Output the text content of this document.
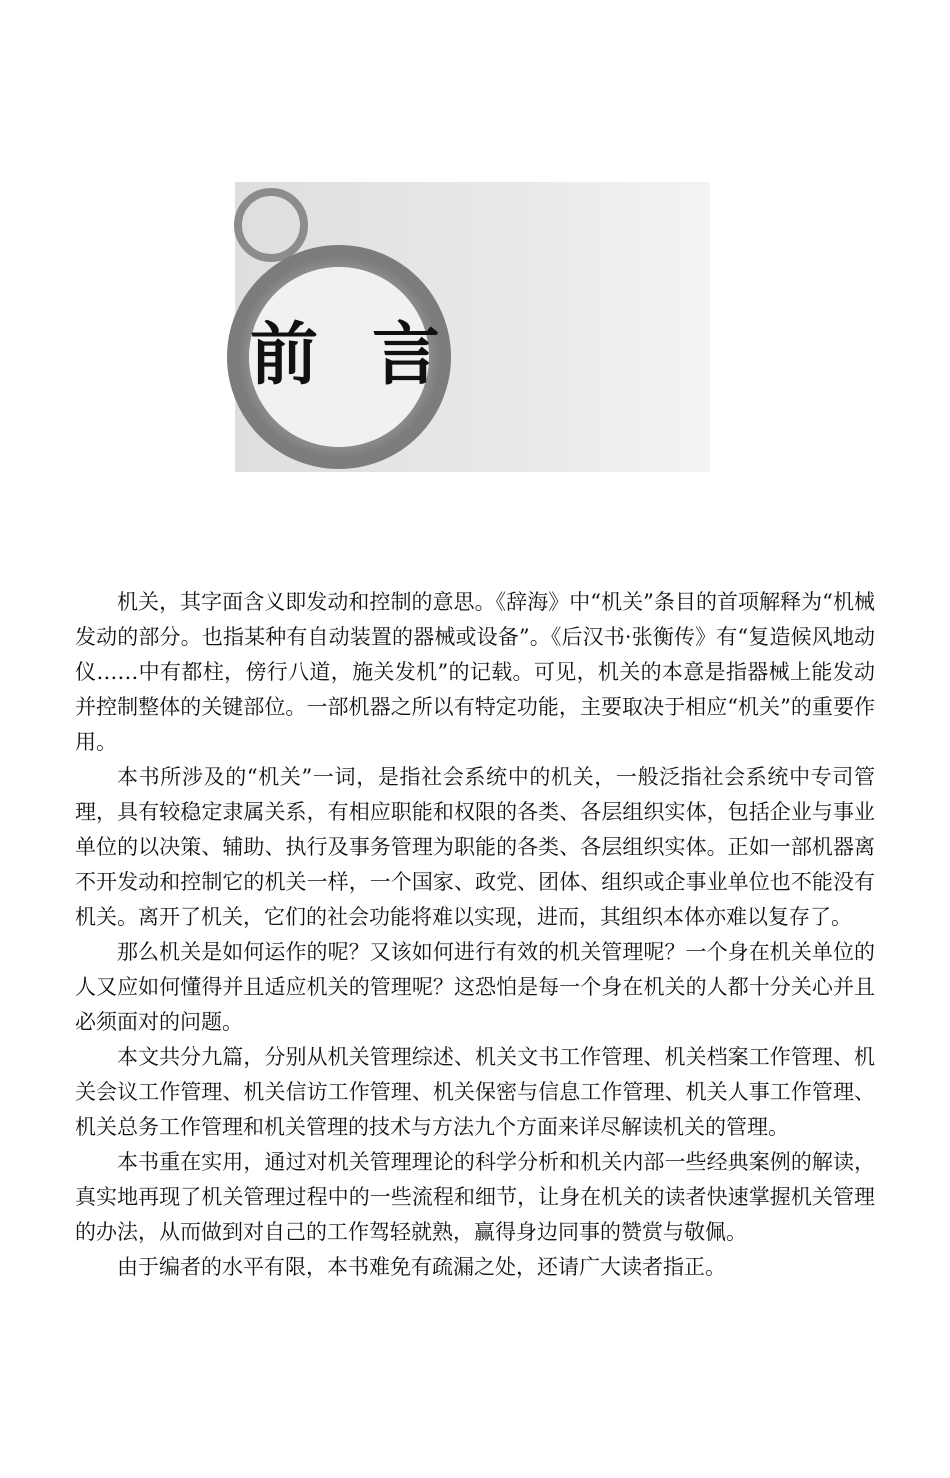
前 言

机关，其字面含义即发动和控制的意思。《辞海》中“机关”条目的首项解释为“机械发动的部分。也指某种有自动装置的器械或设备”。《后汉书·张衡传》有“复造候风地动仪……中有都柱，傍行八道，施关发机”的记载。可见，机关的本意是指器械上能发动并控制整体的关键部位。一部机器之所以有特定功能，主要取决于相应“机关”的重要作用。

本书所涉及的“机关”一词，是指社会系统中的机关，一般泛指社会系统中专司管理，具有较稳定隶属关系，有相应职能和权限的各类、各层组织实体，包括企业与事业单位的以决策、辅助、执行及事务管理为职能的各类、各层组织实体。正如一部机器离不开发动和控制它的机关一样，一个国家、政党、团体、组织或企事业单位也不能没有机关。离开了机关，它们的社会功能将难以实现，进而，其组织本体亦难以复存了。

那么机关是如何运作的呢？又该如何进行有效的机关管理呢？一个身在机关单位的人又应如何懂得并且适应机关的管理呢？这恐怕是每一个身在机关的人都十分关心并且必须面对的问题。

本文共分九篇，分别从机关管理综述、机关文书工作管理、机关档案工作管理、机关会议工作管理、机关信访工作管理、机关保密与信息工作管理、机关人事工作管理、机关总务工作管理和机关管理的技术与方法九个方面来详尽解读机关的管理。

本书重在实用，通过对机关管理理论的科学分析和机关内部一些经典案例的解读，真实地再现了机关管理过程中的一些流程和细节，让身在机关的读者快速掌握机关管理的办法，从而做到对自己的工作驾轻就熟，赢得身边同事的赞赏与敬佩。

由于编者的水平有限，本书难免有疏漏之处，还请广大读者指正。
